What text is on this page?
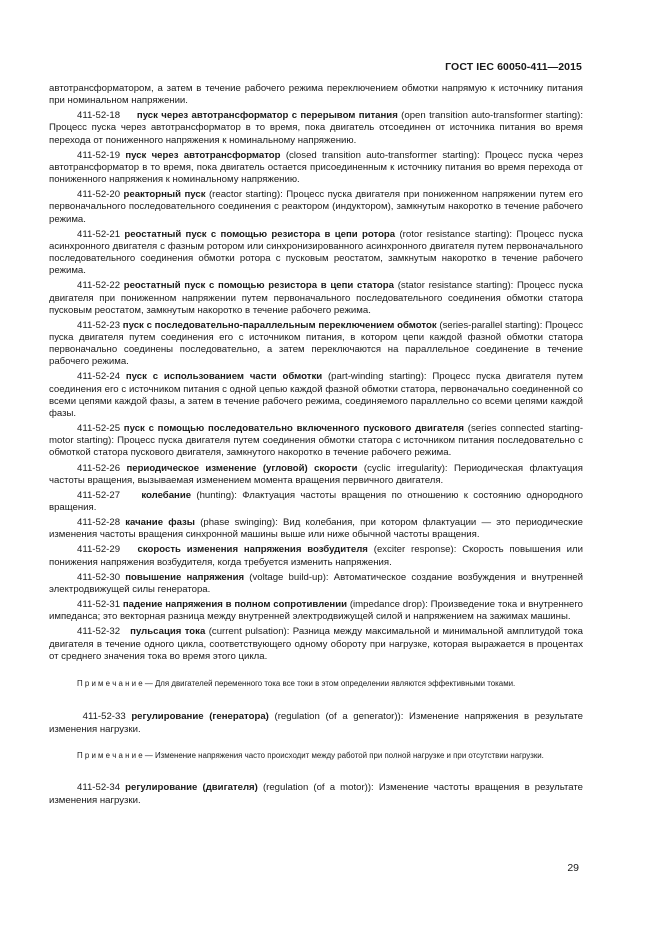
ГОСТ IEC 60050-411—2015

автотрансформатором, а затем в течение рабочего режима переключением обмотки напрямую к источнику питания при номинальном напряжении.

411-52-18 пуск через автотрансформатор с перерывом питания (open transition auto-transformer starting): Процесс пуска через автотрансформатор в то время, пока двигатель отсоединен от источника питания во время перехода от пониженного напряжения к номинальному напряжению.

411-52-19 пуск через автотрансформатор (closed transition auto-transformer starting): Процесс пуска через автотрансформатор в то время, пока двигатель остается присоединенным к источнику питания во время перехода от пониженного напряжения к номинальному напряжению.

411-52-20 реакторный пуск (reactor starting): Процесс пуска двигателя при пониженном напряжении путем его первоначального последовательного соединения с реактором (индуктором), замкнутым накоротко в течение рабочего режима.

411-52-21 реостатный пуск с помощью резистора в цепи ротора (rotor resistance starting): Процесс пуска асинхронного двигателя с фазным ротором или синхронизированного асинхронного двигателя путем первоначального последовательного соединения обмотки ротора с пусковым реостатом, замкнутым накоротко в течение рабочего режима.

411-52-22 реостатный пуск с помощью резистора в цепи статора (stator resistance starting): Процесс пуска двигателя при пониженном напряжении путем первоначального последовательного соединения обмотки статора пусковым реостатом, замкнутым накоротко в течение рабочего режима.

411-52-23 пуск с последовательно-параллельным переключением обмоток (series-parallel starting): Процесс пуска двигателя путем соединения его с источником питания, в котором цепи каждой фазной обмотки статора первоначально соединены последовательно, а затем переключаются на параллельное соединение в течение рабочего режима.

411-52-24 пуск с использованием части обмотки (part-winding starting): Процесс пуска двигателя путем соединения его с источником питания с одной цепью каждой фазной обмотки статора, первоначально соединенной со всеми цепями каждой фазы, а затем в течение рабочего режима, соединяемого параллельно со всеми цепями каждой фазы.

411-52-25 пуск с помощью последовательно включенного пускового двигателя (series connected starting-motor starting): Процесс пуска двигателя путем соединения обмотки статора с источником питания последовательно с обмоткой статора пускового двигателя, замкнутого накоротко в течение рабочего режима.

411-52-26 периодическое изменение (угловой) скорости (cyclic irregularity): Периодическая флактуация частоты вращения, вызываемая изменением момента вращения первичного двигателя.

411-52-27 колебание (hunting): Флактуация частоты вращения по отношению к состоянию однородного вращения.

411-52-28 качание фазы (phase swinging): Вид колебания, при котором флактуации — это периодические изменения частоты вращения синхронной машины выше или ниже обычной частоты вращения.

411-52-29 скорость изменения напряжения возбудителя (exciter response): Скорость повышения или понижения напряжения возбудителя, когда требуется изменить напряжения.

411-52-30 повышение напряжения (voltage build-up): Автоматическое создание возбуждения и внутренней электродвижущей силы генератора.

411-52-31 падение напряжения в полном сопротивлении (impedance drop): Произведение тока и внутреннего импеданса; это векторная разница между внутренней электродвижущей силой и напряжением на зажимах машины.

411-52-32 пульсация тока (current pulsation): Разница между максимальной и минимальной амплитудой тока двигателя в течение одного цикла, соответствующего одному обороту при нагрузке, которая выражается в процентах от среднего значения тока во время этого цикла.

П р и м е ч а н и е — Для двигателей переменного тока все токи в этом определении являются эффективными токами.

411-52-33 регулирование (генератора) (regulation (of a generator)): Изменение напряжения в результате изменения нагрузки.

П р и м е ч а н и е — Изменение напряжения часто происходит между работой при полной нагрузке и при отсутствии нагрузки.

411-52-34 регулирование (двигателя) (regulation (of a motor)): Изменение частоты вращения в результате изменения нагрузки.

29
